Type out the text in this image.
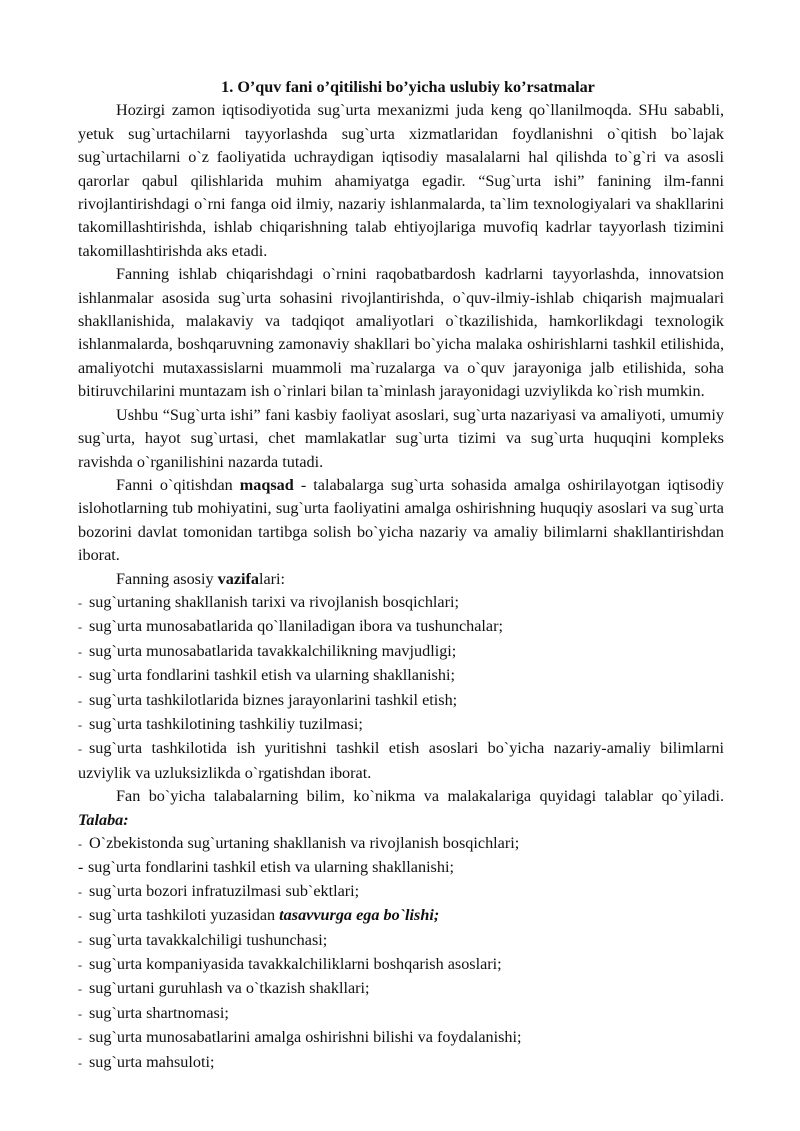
1. O’quv fani o’qitilishi bo’yicha uslubiy ko’rsatmalar

Hozirgi zamon iqtisodiyotida sug`urta mexanizmi juda keng qo`llanilmoqda. SHu sababli, yetuk sug`urtachilarni tayyorlashda sug`urta xizmatlaridan foydlanishni o`qitish bo`lajak sug`urtachilarni o`z faoliyatida uchraydigan iqtisodiy masalalarni hal qilishda to`g`ri va asosli qarorlar qabul qilishlarida muhim ahamiyatga egadir. “Sug`urta ishi” fanining ilm-fanni rivojlantirishdagi o`rni fanga oid ilmiy, nazariy ishlanmalarda, ta`lim texnologiyalari va shakllarini takomillashtirishda, ishlab chiqarishning talab ehtiyojlariga muvofiq kadrlar tayyorlash tizimini takomillashtirishda aks etadi.

Fanning ishlab chiqarishdagi o`rnini raqobatbardosh kadrlarni tayyorlashda, innovatsion ishlanmalar asosida sug`urta sohasini rivojlantirishda, o`quv-ilmiy-ishlab chiqarish majmualari shakllanishida, malakaviy va tadqiqot amaliyotlari o`tkazilishida, hamkorlikdagi texnologik ishlanmalarda, boshqaruvning zamonaviy shakllari bo`yicha malaka oshirishlarni tashkil etilishida, amaliyotchi mutaxassislarni muammoli ma`ruzalarga va o`quv jarayoniga jalb etilishida, soha bitiruvchilarini muntazam ish o`rinlari bilan ta`minlash jarayonidagi uzviylikda ko`rish mumkin.

Ushbu “Sug`urta ishi” fani kasbiy faoliyat asoslari, sug`urta nazariyasi va amaliyoti, umumiy sug`urta, hayot sug`urtasi, chet mamlakatlar sug`urta tizimi va sug`urta huquqini kompleks ravishda o`rganilishini nazarda tutadi.

Fanni o`qitishdan maqsad - talabalarga sug`urta sohasida amalga oshirilayotgan iqtisodiy islohotlarning tub mohiyatini, sug`urta faoliyatini amalga oshirishning huquqiy asoslari va sug`urta bozorini davlat tomonidan tartibga solish bo`yicha nazariy va amaliy bilimlarni shakllantirishdan iborat.

Fanning asosiy vazifalari:

- sug`urtaning shakllanish tarixi va rivojlanish bosqichlari;
- sug`urta munosabatlarida qo`llaniladigan ibora va tushunchalar;
- sug`urta munosabatlarida tavakkalchilikning mavjudligi;
- sug`urta fondlarini tashkil etish va ularning shakllanishi;
- sug`urta tashkilotlarida biznes jarayonlarini tashkil etish;
- sug`urta tashkilotining tashkiliy tuzilmasi;
- sug`urta tashkilotida ish yuritishni tashkil etish asoslari bo`yicha nazariy-amaliy bilimlarni uzviylik va uzluksizlikda o`rgatishdan iborat.

Fan bo`yicha talabalarning bilim, ko`nikma va malakalariga quyidagi talablar qo`yiladi. Talaba:

- O`zbekistonda sug`urtaning shakllanish va rivojlanish bosqichlari;
- sug`urta fondlarini tashkil etish va ularning shakllanishi;
- sug`urta bozori infratuzilmasi sub`ektlari;
- sug`urta tashkiloti yuzasidan tasavvurga ega bo`lishi;
- sug`urta tavakkalchiligi tushunchasi;
- sug`urta kompaniyasida tavakkalchiliklarni boshqarish asoslari;
- sug`urtani guruhlash va o`tkazish shakllari;
- sug`urta shartnomasi;
- sug`urta munosabatlarini amalga oshirishni bilishi va foydalanishi;
- sug`urta mahsuloti;
